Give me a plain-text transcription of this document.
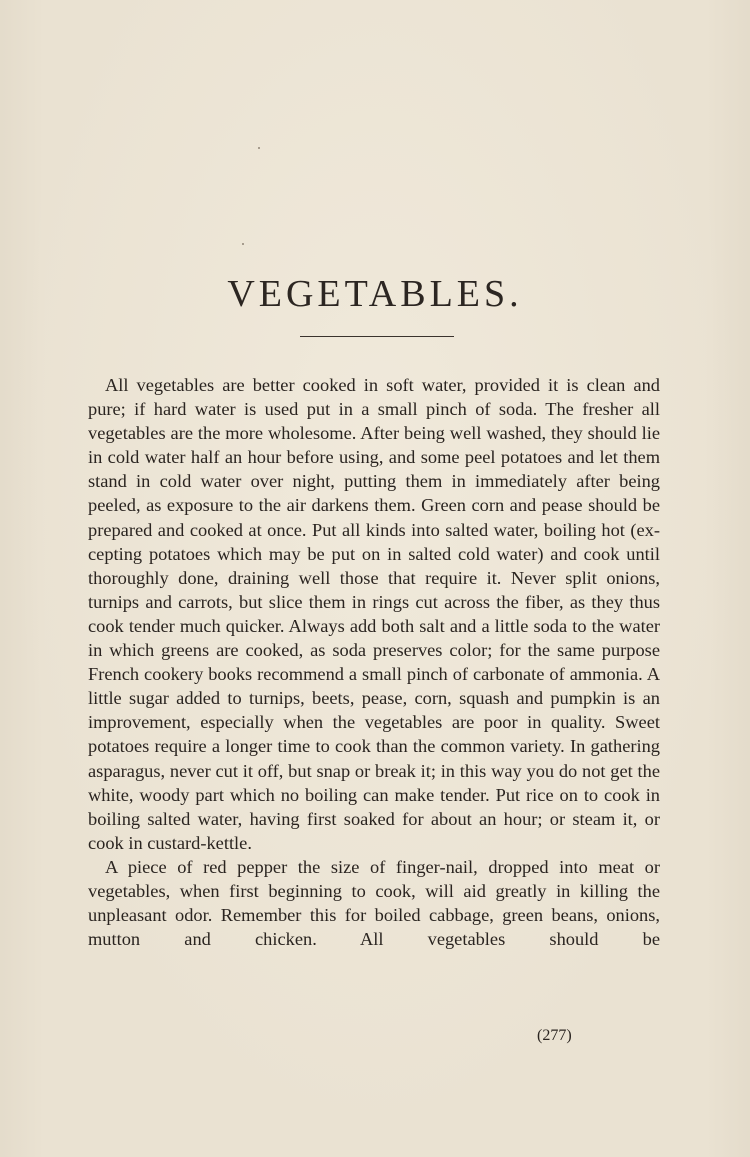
VEGETABLES.

All vegetables are better cooked in soft water, provided it is clean and pure; if hard water is used put in a small pinch of soda. The fresher all vegetables are the more wholesome. After being well washed, they should lie in cold water half an hour before using, and some peel potatoes and let them stand in cold water over night, putting them in immediately after being peeled, as exposure to the air darkens them. Green corn and pease should be prepared and cooked at once. Put all kinds into salted water, boiling hot (ex-cepting potatoes which may be put on in salted cold water) and cook until thoroughly done, draining well those that require it. Never split onions, turnips and carrots, but slice them in rings cut across the fiber, as they thus cook tender much quicker. Always add both salt and a little soda to the water in which greens are cooked, as soda preserves color; for the same purpose French cookery books recommend a small pinch of carbonate of ammonia. A little sugar added to turnips, beets, pease, corn, squash and pumpkin is an improvement, especially when the vegetables are poor in quality. Sweet potatoes require a longer time to cook than the common variety. In gathering asparagus, never cut it off, but snap or break it; in this way you do not get the white, woody part which no boiling can make tender. Put rice on to cook in boiling salted water, having first soaked for about an hour; or steam it, or cook in custard-kettle.

A piece of red pepper the size of finger-nail, dropped into meat or vegetables, when first beginning to cook, will aid greatly in killing the unpleasant odor. Remember this for boiled cabbage, green beans, onions, mutton and chicken. All vegetables should be

(277)
